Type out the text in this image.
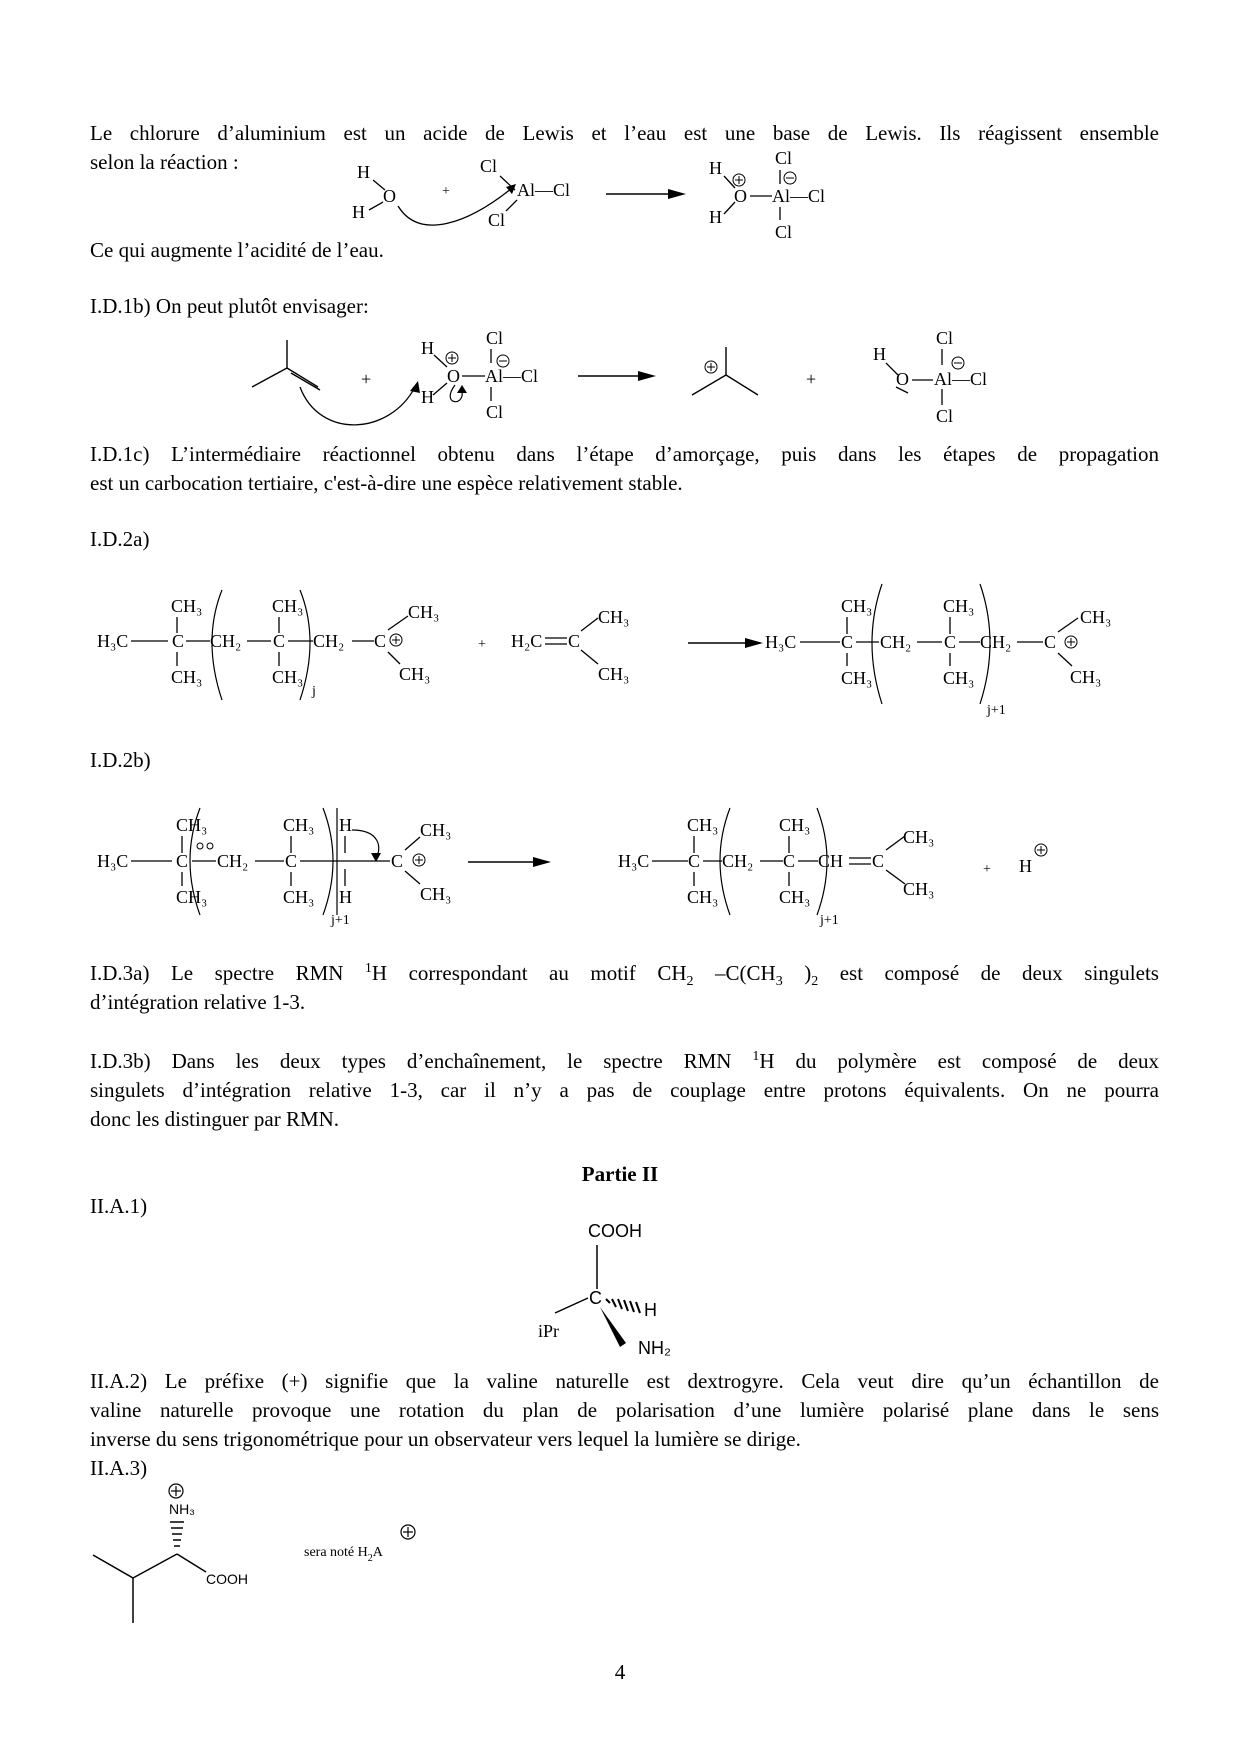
Le chlorure d’aluminium est un acide de Lewis et l’eau est une base de Lewis. Ils réagissent ensemble
selon la réaction :	H
H
O	+
Cl
Al—Cl
Cl
H
H
O
Cl
Al—Cl
Cl
Ce qui augmente l’acidité de l’eau.
I.D.1b) On peut plutôt envisager:
+
H
O
H
Cl
Al—Cl
Cl
+
H
O
Cl
Al—Cl
Cl
I.D.1c) L’intermédiaire réactionnel obtenu dans l’étape d’amorçage, puis dans les étapes de propagation
est un carbocation tertiaire, c'est-à-dire une espèce relativement stable.
I.D.2a)
H₃C
CH₃
C
CH₃
CH₂
CH₃
C
CH₃
j
CH₂ C
CH₃
CH₃
+ H₂C C
CH₃
CH₃
H₃C
CH₃
C
CH₃
CH₂
CH₃
C
CH₃
j+1
CH₂ C
CH₃
CH₃
I.D.2b)
H₃C
CH₃
C
CH₃
CH₂
CH₃
C
CH₃
j+1
H
H
C
CH₃
CH₃
H₃C
CH₃
C
CH₃
CH₂
CH₃
C
CH₃
j+1
CH C
CH₃
CH₃
+ H
I.D.3a) Le spectre RMN $^1$H correspondant au motif $CH_2$ $-C(CH_3$ )$_2$ est composé de deux singulets
d’intégration relative 1-3.
I.D.3b) Dans les deux types d’enchaînement, le spectre RMN $^1$H du polymère est composé de deux
singulets d’intégration relative 1-3, car il n’y a pas de couplage entre protons équivalents. On ne pourra
donc les distinguer par RMN.
Partie II
II.A.1)
COOH
C
iPr
H
NH₂
II.A.2) Le préfixe (+) signifie que la valine naturelle est dextrogyre. Cela veut dire qu’un échantillon de
valine naturelle provoque une rotation du plan de polarisation d’une lumière polarisé plane dans le sens
inverse du sens trigonométrique pour un observateur vers lequel la lumière se dirige.
II.A.3)
NH₃
COOH
sera noté $H_2A$
4
